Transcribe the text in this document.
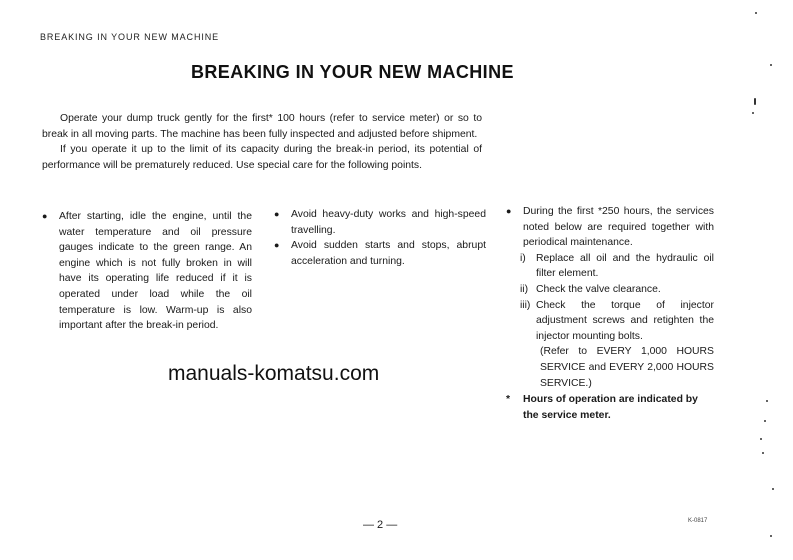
BREAKING IN YOUR NEW MACHINE
BREAKING IN YOUR NEW MACHINE

Operate your dump truck gently for the first* 100 hours (refer to service meter) or so to break in all moving parts. The machine has been fully inspected and adjusted before shipment.

If you operate it up to the limit of its capacity during the break-in period, its potential of performance will be prematurely reduced. Use special care for the following points.

● After starting, idle the engine, until the water temperature and oil pressure gauges indicate to the green range. An engine which is not fully broken in will have its operating life reduced if it is operated under load while the oil temperature is low. Warm-up is also important after the break-in period.
● Avoid heavy-duty works and high-speed travelling.
● Avoid sudden starts and stops, abrupt acceleration and turning.
● During the first *250 hours, the services noted below are required together with periodical maintenance.
i) Replace all oil and the hydraulic oil filter element.
ii) Check the valve clearance.
iii) Check the torque of injector adjustment screws and retighten the injector mounting bolts.
(Refer to EVERY 1,000 HOURS SERVICE and EVERY 2,000 HOURS SERVICE.)
* Hours of operation are indicated by the service meter.
manuals-komatsu.com
— 2 —	K-0817
